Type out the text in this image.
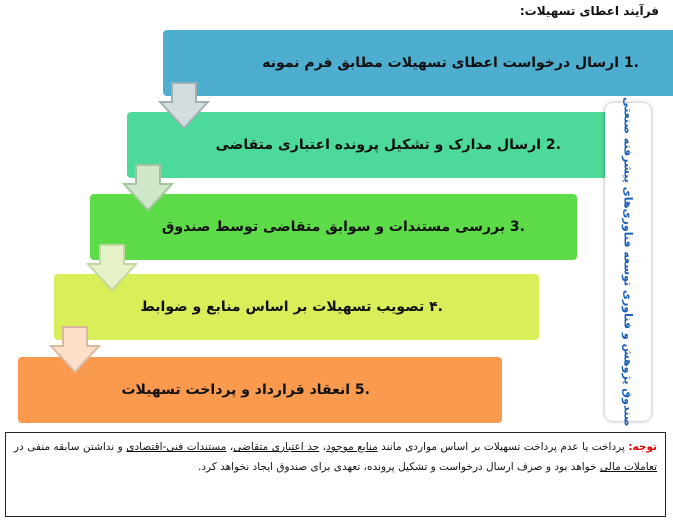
فرآیند اعطای تسهیلات:
.1 ارسال درخواست اعطای تسهیلات مطابق فرم نمونه
.2 ارسال مدارک و تشکیل پرونده اعتباری متقاضی
.3 بررسی مستندات و سوابق متقاضی توسط صندوق
.۴ تصویب تسهیلات بر اساس منابع و ضوابط
.5 انعقاد قرارداد و پرداخت تسهیلات	صندوق پژوهش و فناوری توسعه فناوری‌های پیشرفته صنعتی
توجه: پرداخت یا عدم پرداخت تسهیلات بر اساس مواردی مانند منابع موجود، حد اعتباری متقاضی، مستندات فنی-اقتصادی و نداشتن سابقه منفی در تعاملات مالی خواهد بود و صرف ارسال درخواست و تشکیل پرونده، تعهدی برای صندوق ایجاد نخواهد کرد.
